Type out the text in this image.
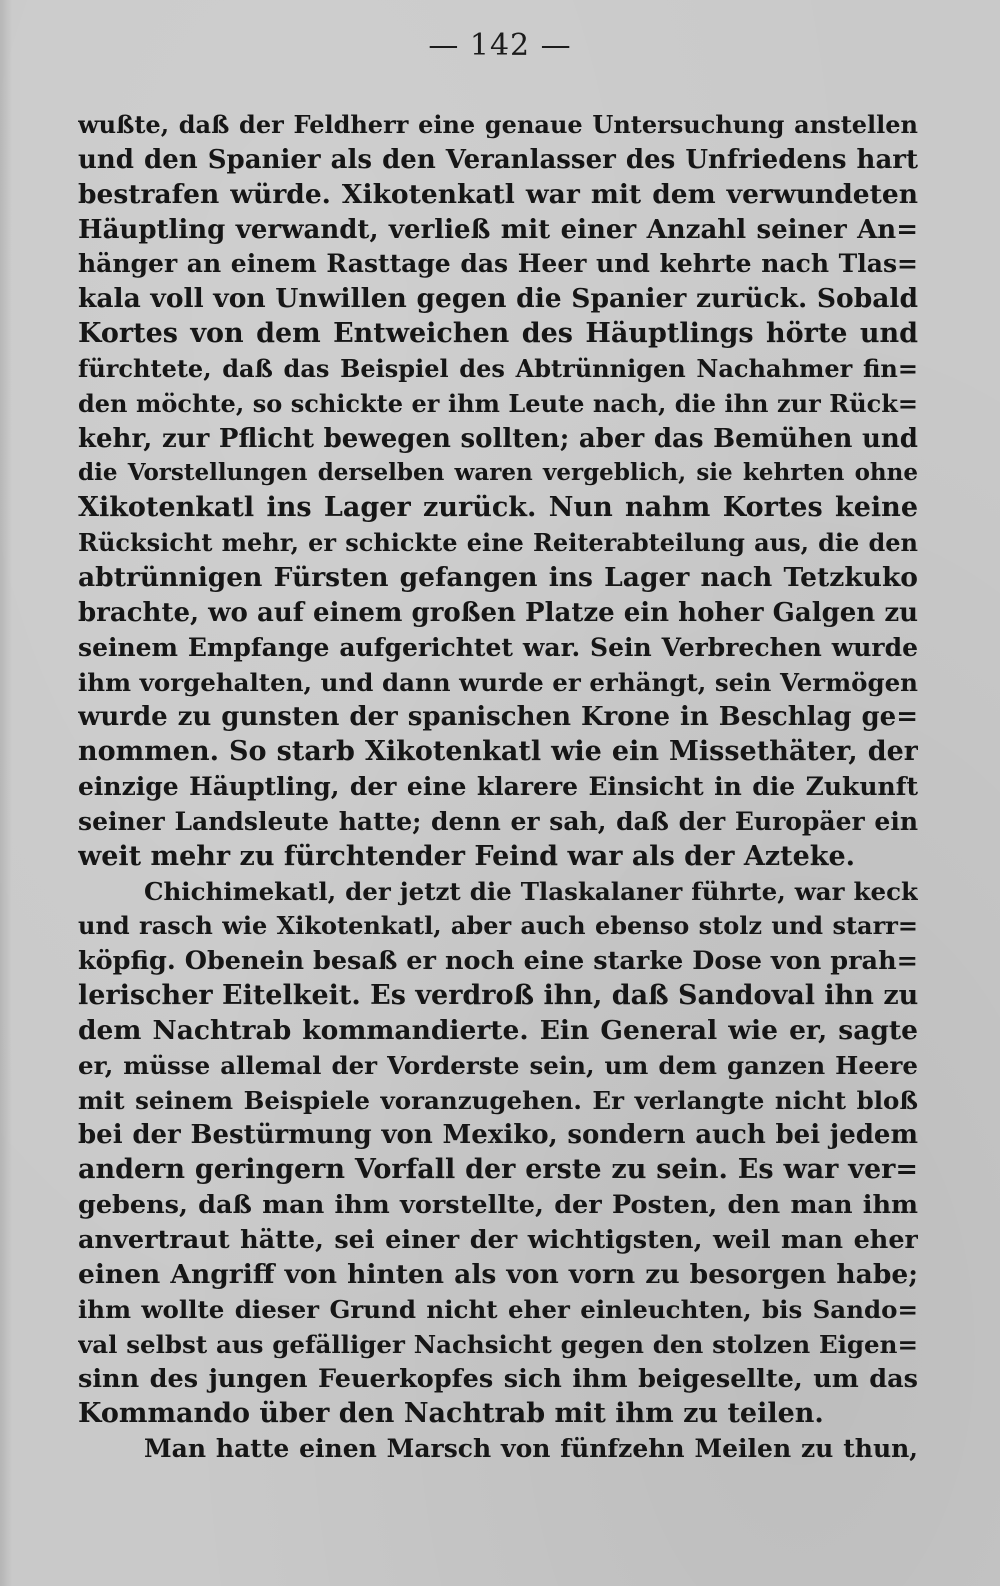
— 142 —
wußte, daß der Feldherr eine genaue Untersuchung anstellen
und den Spanier als den Veranlasser des Unfriedens hart
bestrafen würde. Xikotenkatl war mit dem verwundeten
Häuptling verwandt, verließ mit einer Anzahl seiner An=
hänger an einem Rasttage das Heer und kehrte nach Tlas=
kala voll von Unwillen gegen die Spanier zurück. Sobald
Kortes von dem Entweichen des Häuptlings hörte und
fürchtete, daß das Beispiel des Abtrünnigen Nachahmer fin=
den möchte, so schickte er ihm Leute nach, die ihn zur Rück=
kehr, zur Pflicht bewegen sollten; aber das Bemühen und
die Vorstellungen derselben waren vergeblich, sie kehrten ohne
Xikotenkatl ins Lager zurück. Nun nahm Kortes keine
Rücksicht mehr, er schickte eine Reiterabteilung aus, die den
abtrünnigen Fürsten gefangen ins Lager nach Tetzkuko
brachte, wo auf einem großen Platze ein hoher Galgen zu
seinem Empfange aufgerichtet war. Sein Verbrechen wurde
ihm vorgehalten, und dann wurde er erhängt, sein Vermögen
wurde zu gunsten der spanischen Krone in Beschlag ge=
nommen. So starb Xikotenkatl wie ein Missethäter, der
einzige Häuptling, der eine klarere Einsicht in die Zukunft
seiner Landsleute hatte; denn er sah, daß der Europäer ein
weit mehr zu fürchtender Feind war als der Azteke.
Chichimekatl, der jetzt die Tlaskalaner führte, war keck
und rasch wie Xikotenkatl, aber auch ebenso stolz und starr=
köpfig. Obenein besaß er noch eine starke Dose von prah=
lerischer Eitelkeit. Es verdroß ihn, daß Sandoval ihn zu
dem Nachtrab kommandierte. Ein General wie er, sagte
er, müsse allemal der Vorderste sein, um dem ganzen Heere
mit seinem Beispiele voranzugehen. Er verlangte nicht bloß
bei der Bestürmung von Mexiko, sondern auch bei jedem
andern geringern Vorfall der erste zu sein. Es war ver=
gebens, daß man ihm vorstellte, der Posten, den man ihm
anvertraut hätte, sei einer der wichtigsten, weil man eher
einen Angriff von hinten als von vorn zu besorgen habe;
ihm wollte dieser Grund nicht eher einleuchten, bis Sando=
val selbst aus gefälliger Nachsicht gegen den stolzen Eigen=
sinn des jungen Feuerkopfes sich ihm beigesellte, um das
Kommando über den Nachtrab mit ihm zu teilen.
Man hatte einen Marsch von fünfzehn Meilen zu thun,
